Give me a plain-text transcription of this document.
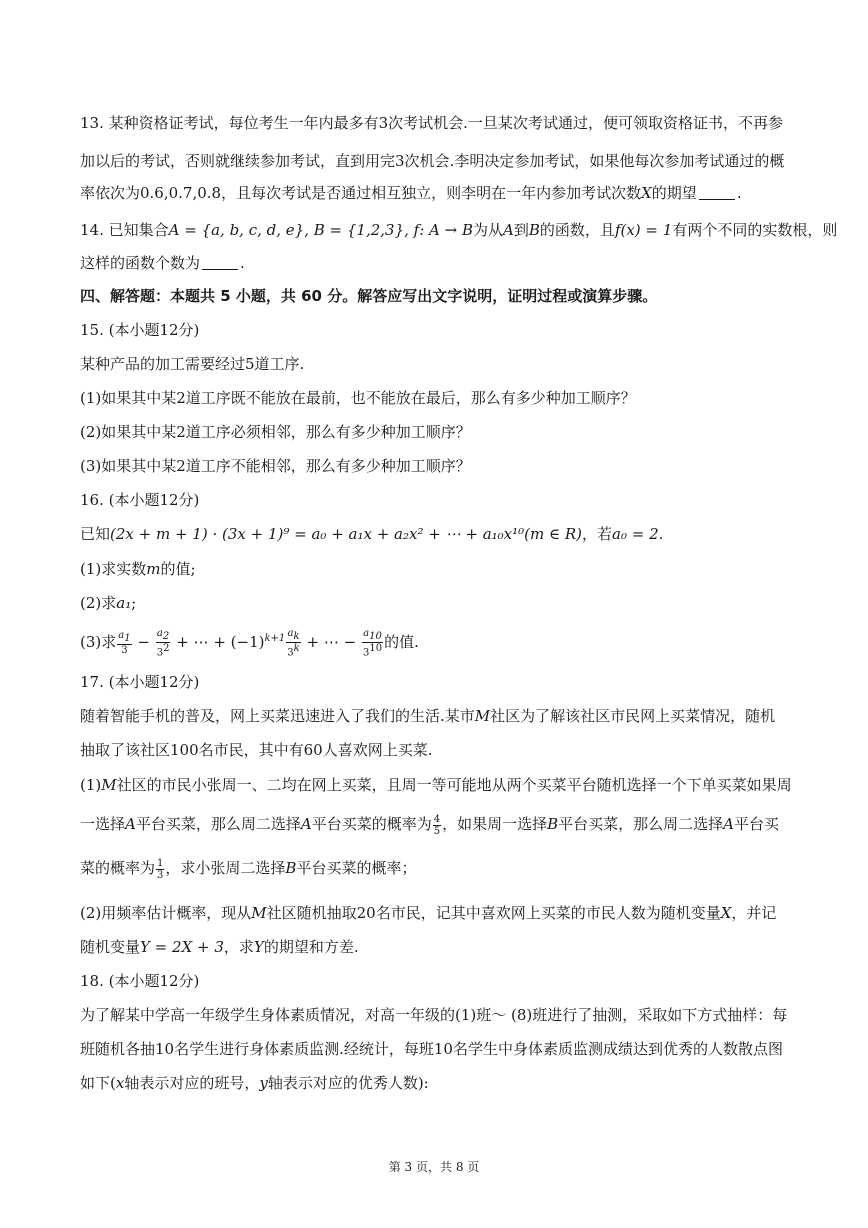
13. 某种资格证考试，每位考生一年内最多有3次考试机会.一旦某次考试通过，便可领取资格证书，不再参
加以后的考试，否则就继续参加考试，直到用完3次机会.李明决定参加考试，如果他每次参加考试通过的概
率依次为0.6,0.7,0.8，且每次考试是否通过相互独立，则李明在一年内参加考试次数X的期望	.
14. 已知集合A = {a, b, c, d, e}, B = {1,2,3}, f: A → B为从A到B的函数，且f(x) = 1有两个不同的实数根，则
这样的函数个数为	.
四、解答题：本题共 5 小题，共 60 分。解答应写出文字说明，证明过程或演算步骤。
15. (本小题12分)
某种产品的加工需要经过5道工序.
(1)如果其中某2道工序既不能放在最前，也不能放在最后，那么有多少种加工顺序？
(2)如果其中某2道工序必须相邻，那么有多少种加工顺序？
(3)如果其中某2道工序不能相邻，那么有多少种加工顺序？
16. (本小题12分)
已知(2x + m + 1) · (3x + 1)⁹ = a₀ + a₁x + a₂x² + ⋯ + a₁₀x¹⁰(m ∈ R)，若a₀ = 2.
(1)求实数m的值;
(2)求a₁;
(3)求 $\frac{a_1}{3} - \frac{a_2}{3^2}$ + ⋯ + $(-1)^{k+1} \frac{a_k}{3^k}$ + ⋯ − $\frac{a_{10}}{3^{10}}$ 的值.
17. (本小题12分)
随着智能手机的普及，网上买菜迅速进入了我们的生活.某市M社区为了解该社区市民网上买菜情况，随机
抽取了该社区100名市民，其中有60人喜欢网上买菜.
(1)M社区的市民小张周一、二均在网上买菜，且周一等可能地从两个买菜平台随机选择一个下单买菜如果周
一选择A平台买菜，那么周二选择A平台买菜的概率为 $\frac{4}{5}$ ，如果周一选择B平台买菜，那么周二选择A平台买
菜的概率为 $\frac{1}{3}$ ，求小张周二选择B平台买菜的概率；
(2)用频率估计概率，现从M社区随机抽取20名市民，记其中喜欢网上买菜的市民人数为随机变量X，并记
随机变量Y = 2X + 3，求Y的期望和方差.
18. (本小题12分)
为了解某中学高一年级学生身体素质情况，对高一年级的(1)班～ (8)班进行了抽测，采取如下方式抽样：每
班随机各抽10名学生进行身体素质监测.经统计，每班10名学生中身体素质监测成绩达到优秀的人数散点图
如下(x轴表示对应的班号，y轴表示对应的优秀人数):
第 3 页，共 8 页
